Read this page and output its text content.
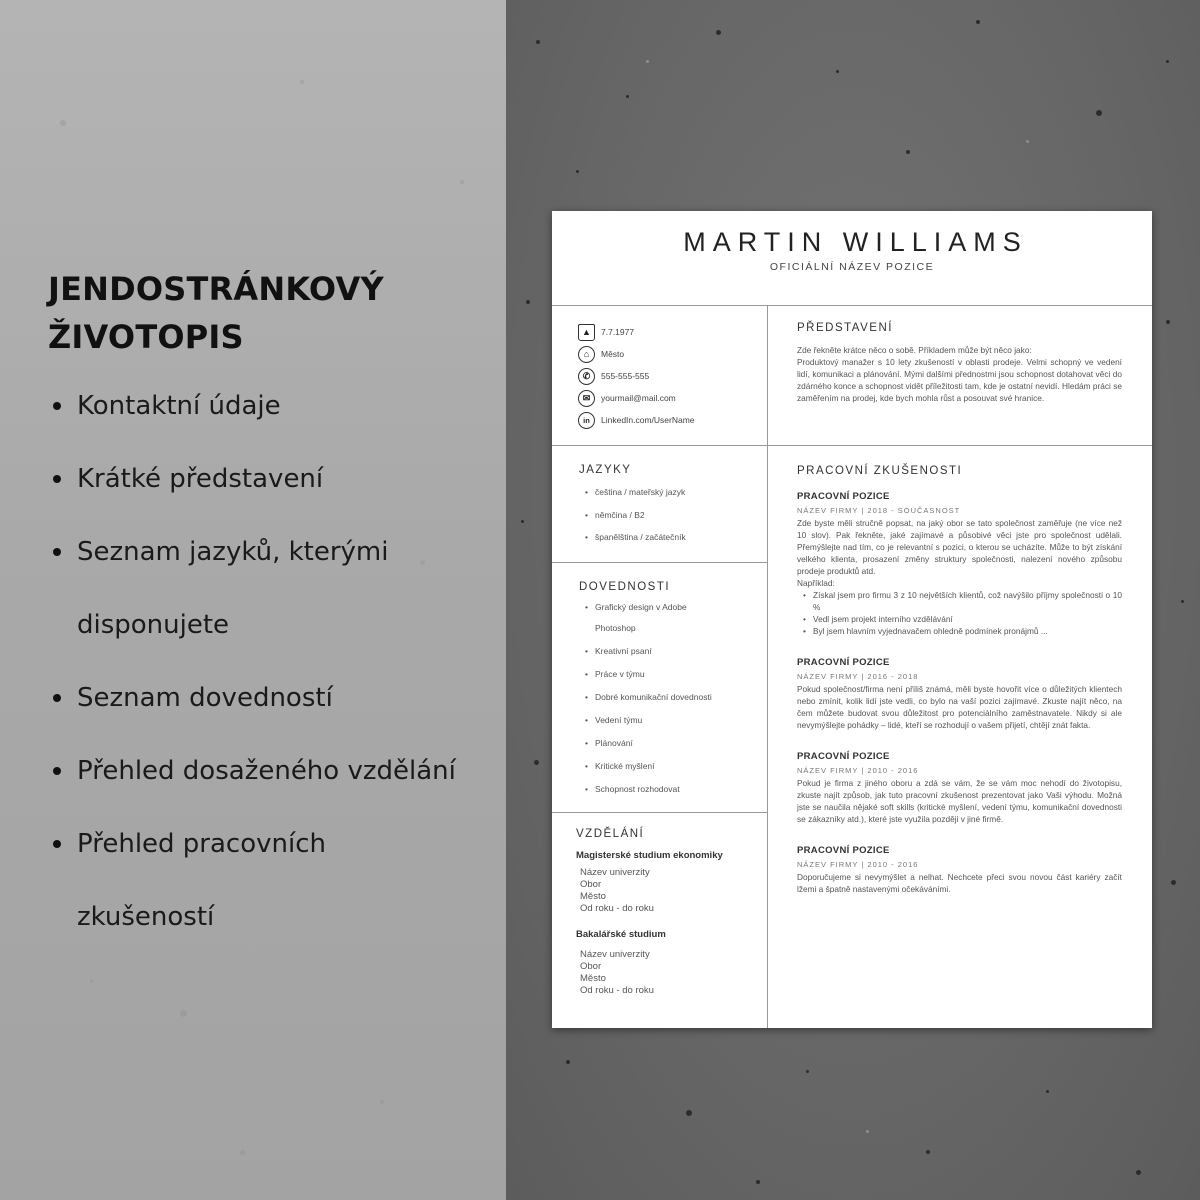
JENDOSTRÁNKOVÝ
ŽIVOTOPIS
Kontaktní údaje
Krátké představení
Seznam jazyků, kterými
disponujete
Seznam dovedností
Přehled dosaženého vzdělání
Přehled pracovních
zkušeností
MARTIN WILLIAMS
OFICIÁLNÍ NÁZEV POZICE
▲	7.7.1977
⌂	Město
✆	555-555-555
✉	yourmail@mail.com
in	LinkedIn.com/UserName
JAZYKY
• čeština / mateřský jazyk
• němčina / B2
• španělština / začátečník
DOVEDNOSTI
• Grafický design v Adobe
Photoshop
• Kreativní psaní
• Práce v týmu
• Dobré komunikační dovednosti
• Vedení týmu
• Plánování
• Kritické myšlení
• Schopnost rozhodovat
VZDĚLÁNÍ
Magisterské studium ekonomiky
Název univerzity
Obor
Město
Od roku - do roku
Bakalářské studium
Název univerzity
Obor
Město
Od roku - do roku
PŘEDSTAVENÍ

Zde řekněte krátce něco o sobě. Příkladem může být něco jako:

Produktový manažer s 10 lety zkušeností v oblasti prodeje. Velmi schopný ve vedení lidí, komunikaci a plánování. Mými dalšími přednostmi jsou schopnost dotahovat věci do zdárného konce a schopnost vidět příležitosti tam, kde je ostatní nevidí. Hledám práci se zaměřením na prodej, kde bych mohla růst a posouvat své hranice.

PRACOVNÍ ZKUŠENOSTI
PRACOVNÍ POZICE
NÁZEV FIRMY | 2018 - SOUČASNOST

Zde byste měli stručně popsat, na jaký obor se tato společnost zaměřuje (ne více než 10 slov). Pak řekněte, jaké zajímavé a působivé věci jste pro společnost udělali. Přemýšlejte nad tím, co je relevantní s pozici, o kterou se ucházíte. Může to být získání velkého klienta, prosazení změny struktury společnosti, nalezení nového způsobu prodeje produktů atd.

Například:

• Získal jsem pro firmu 3 z 10 největších klientů, což navýšilo příjmy společnosti o 10 %
• Vedl jsem projekt interního vzdělávání
• Byl jsem hlavním vyjednavačem ohledně podmínek pronájmů ...
PRACOVNÍ POZICE
NÁZEV FIRMY | 2016 - 2018

Pokud společnost/firma není příliš známá, měli byste hovořit více o důležitých klientech nebo zmínit, kolik lidí jste vedli, co bylo na vaší pozici zajímavé. Zkuste najít něco, na čem můžete budovat svou důležitost pro potenciálního zaměstnavatele. Nikdy si ale nevymýšlejte pohádky – lidé, kteří se rozhodují o vašem přijetí, chtějí znát fakta.

PRACOVNÍ POZICE
NÁZEV FIRMY | 2010 - 2016

Pokud je firma z jiného oboru a zdá se vám, že se vám moc nehodí do životopisu, zkuste najít způsob, jak tuto pracovní zkušenost prezentovat jako Vaši výhodu. Možná jste se naučila nějaké soft skills (kritické myšlení, vedení týmu, komunikační dovednosti se zákazníky atd.), které jste využila později v jiné firmě.

PRACOVNÍ POZICE
NÁZEV FIRMY | 2010 - 2016

Doporučujeme si nevymýšlet a nelhat. Nechcete přeci svou novou část kariéry začít lžemi a špatně nastavenými očekáváními.
